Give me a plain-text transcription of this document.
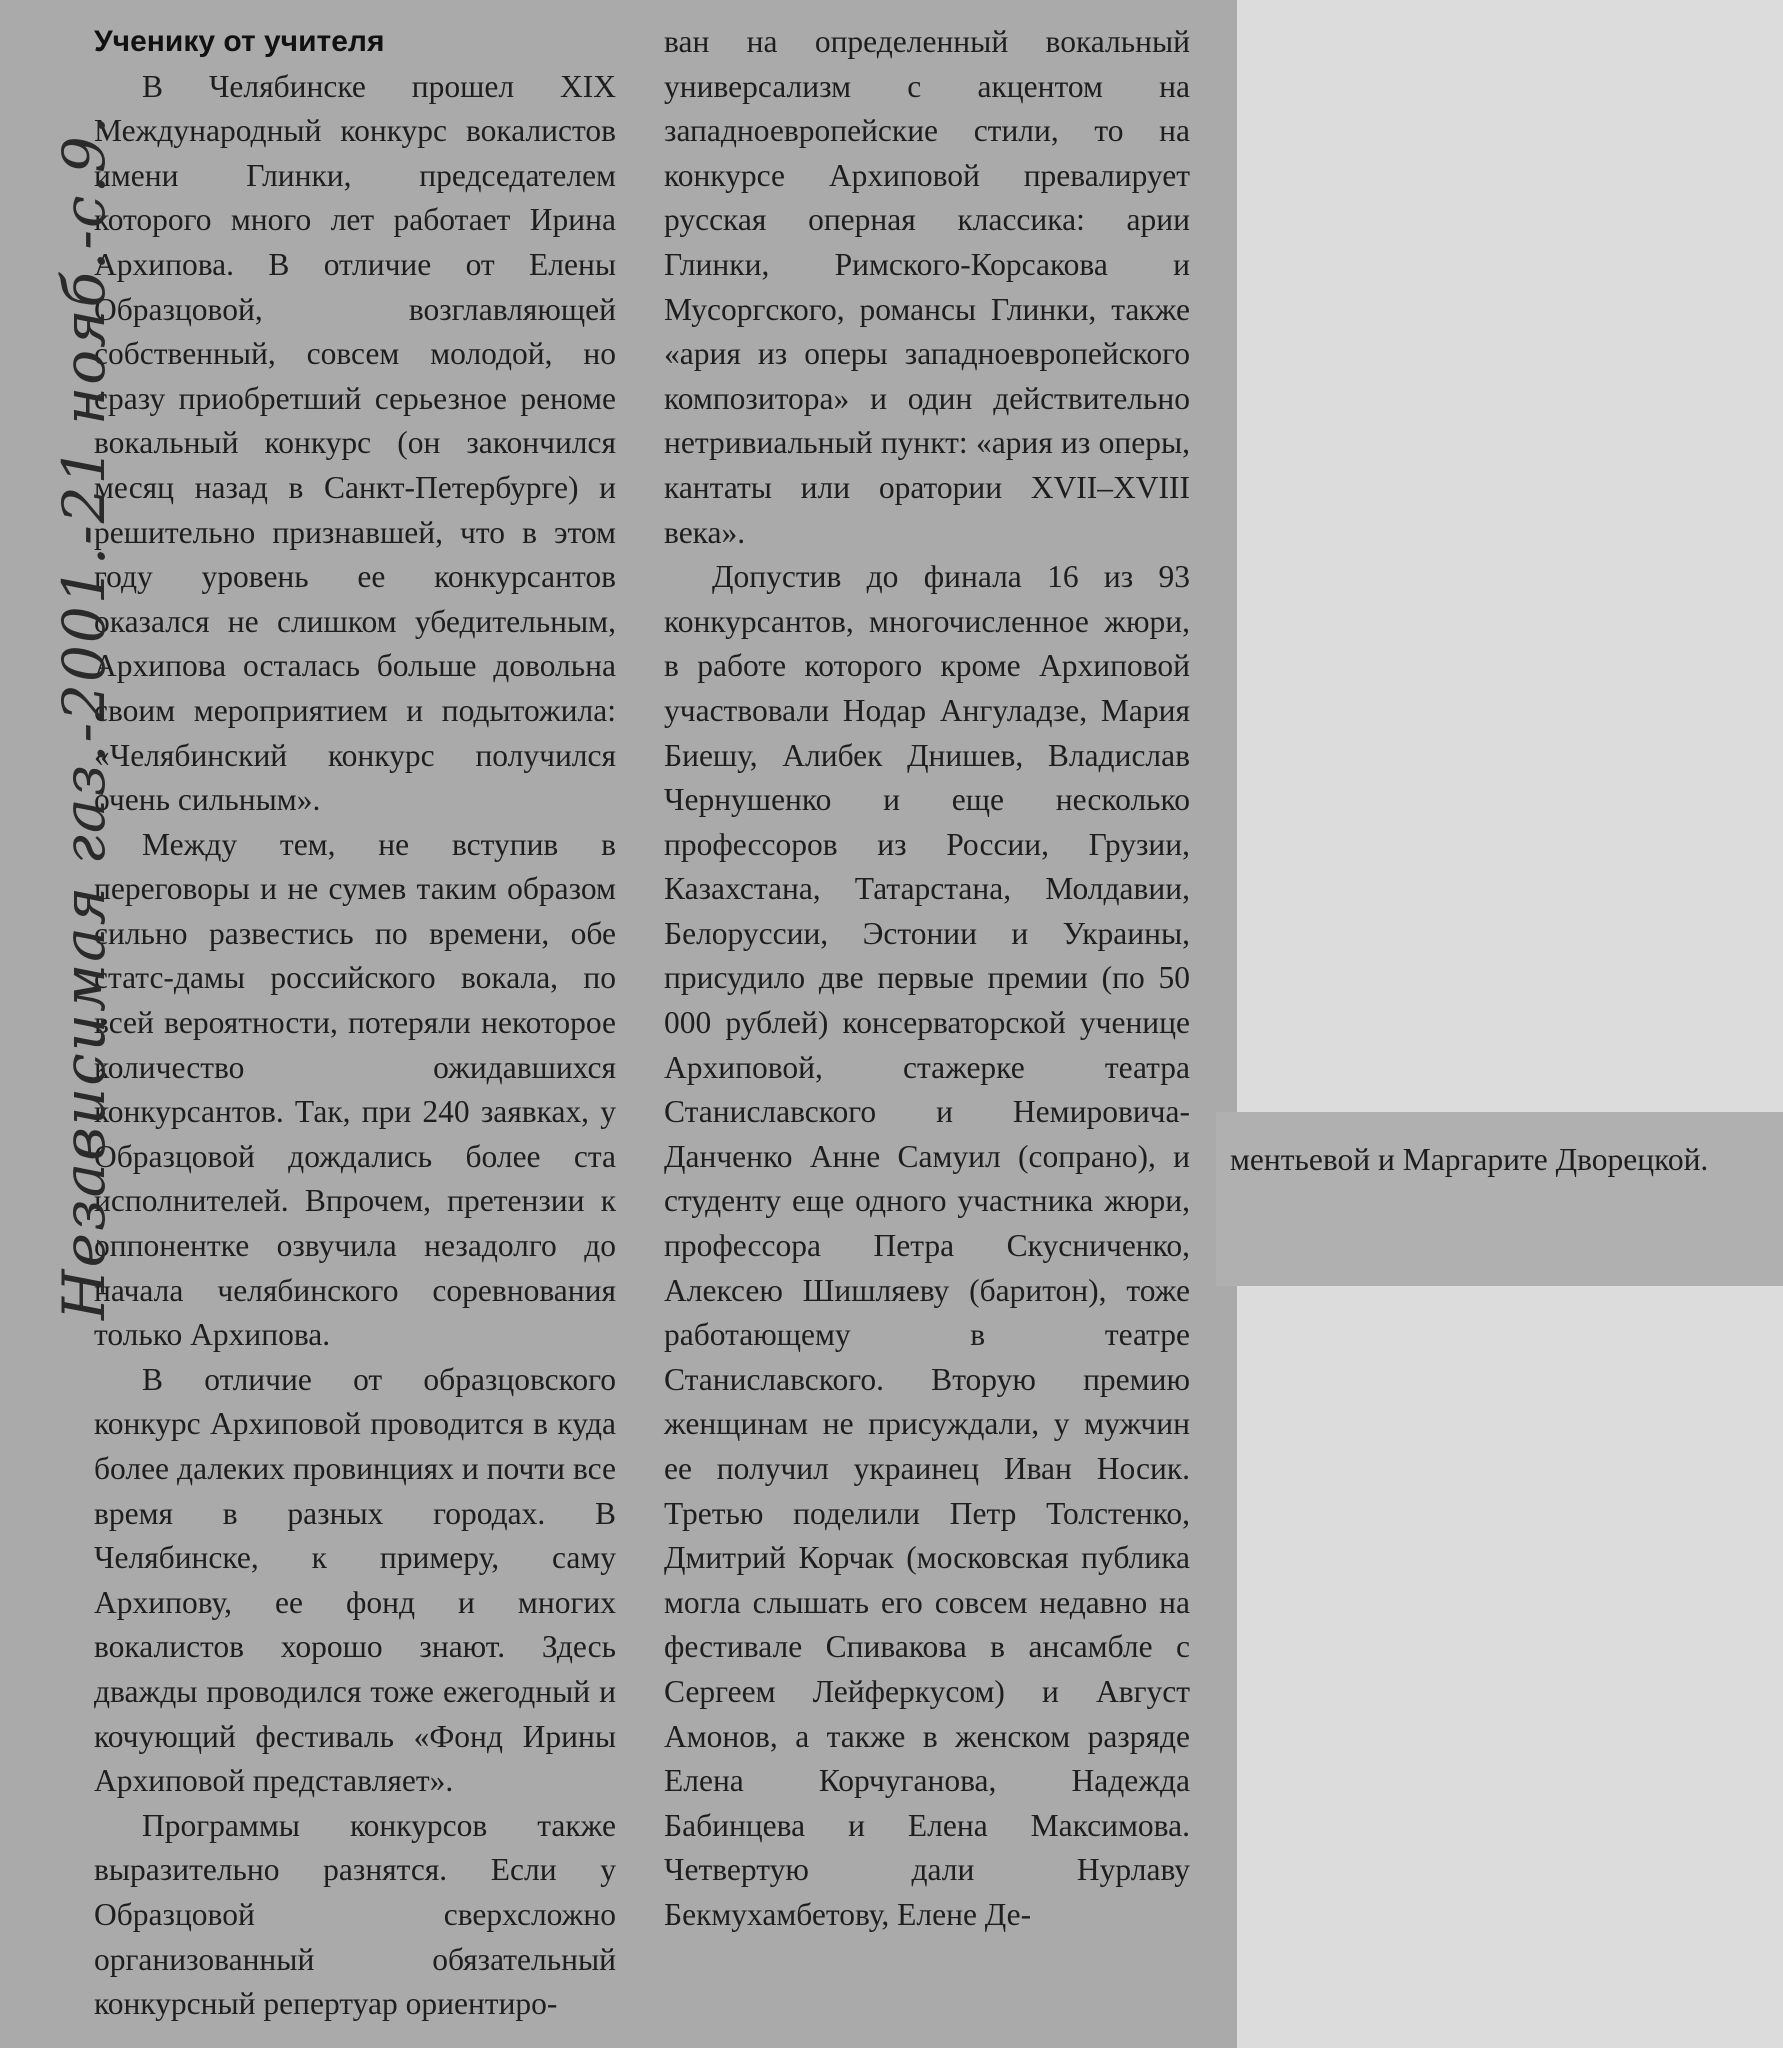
Ученику от учителя

В Челябинске прошел XIX Международный конкурс вокалистов имени Глинки, председателем которого много лет работает Ирина Архипова. В отличие от Елены Образцовой, возглавляющей собственный, совсем молодой, но сразу приобретший серьезное реноме вокальный конкурс (он закончился месяц назад в Санкт-Петербурге) и решительно признавшей, что в этом году уровень ее конкурсантов оказался не слишком убедительным, Архипова осталась больше довольна своим мероприятием и подытожила: «Челябинский конкурс получился очень сильным».

Между тем, не вступив в переговоры и не сумев таким образом сильно развестись по времени, обе статс-дамы российского вокала, по всей вероятности, потеряли некоторое количество ожидавшихся конкурсантов. Так, при 240 заявках, у Образцовой дождались более ста исполнителей. Впрочем, претензии к оппонентке озвучила незадолго до начала челябинского соревнования только Архипова.

В отличие от образцовского конкурс Архиповой проводится в куда более далеких провинциях и почти все время в разных городах. В Челябинске, к примеру, саму Архипову, ее фонд и многих вокалистов хорошо знают. Здесь дважды проводился тоже ежегодный и кочующий фестиваль «Фонд Ирины Архиповой представляет».

Программы конкурсов также выразительно разнятся. Если у Образцовой сверхсложно организованный обязательный конкурсный репертуар ориентиро-

ван на определенный вокальный универсализм с акцентом на западноевропейские стили, то на конкурсе Архиповой превалирует русская оперная классика: арии Глинки, Римского-Корсакова и Мусоргского, романсы Глинки, также «ария из оперы западноевропейского композитора» и один действительно нетривиальный пункт: «ария из оперы, кантаты или оратории XVII–XVIII века».

Допустив до финала 16 из 93 конкурсантов, многочисленное жюри, в работе которого кроме Архиповой участвовали Нодар Ангуладзе, Мария Биешу, Алибек Днишев, Владислав Чернушенко и еще несколько профессоров из России, Грузии, Казахстана, Татарстана, Молдавии, Белоруссии, Эстонии и Украины, присудило две первые премии (по 50 000 рублей) консерваторской ученице Архиповой, стажерке театра Станиславского и Немировича-Данченко Анне Самуил (сопрано), и студенту еще одного участника жюри, профессора Петра Скусниченко, Алексею Шишляеву (баритон), тоже работающему в театре Станиславского. Вторую премию женщинам не присуждали, у мужчин ее получил украинец Иван Носик. Третью поделили Петр Толстенко, Дмитрий Корчак (московская публика могла слышать его совсем недавно на фестивале Спивакова в ансамбле с Сергеем Лейферкусом) и Август Амонов, а также в женском разряде Елена Корчуганова, Надежда Бабинцева и Елена Максимова. Четвертую дали Нурлаву Бекмухамбетову, Елене Де-

Независимая газ.-2001.-21 нояб.-с.9.	ментьевой и Маргарите Дворецкой.
